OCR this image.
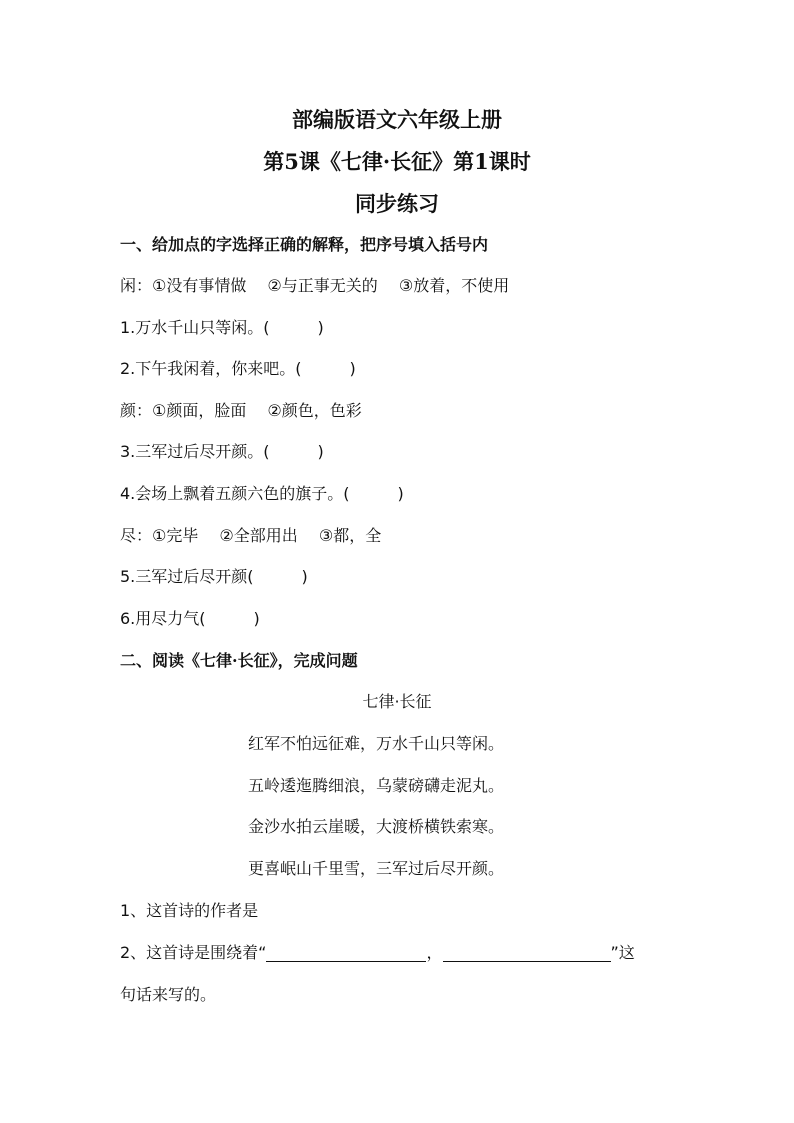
部编版语文六年级上册
第5课《七律·长征》第1课时
同步练习
一、给加点的字选择正确的解释，把序号填入括号内
闲：①没有事情做　 ②与正事无关的　 ③放着，不使用
1.万水千山只等闲。(　　　)
2.下午我闲着，你来吧。(　　　)
颜：①颜面，脸面　 ②颜色，色彩
3.三军过后尽开颜。(　　　)
4.会场上飘着五颜六色的旗子。(　　　)
尽：①完毕　 ②全部用出　 ③都，全
5.三军过后尽开颜(　　　)
6.用尽力气(　　　)
二、阅读《七律·长征》，完成问题
七律·长征
红军不怕远征难，万水千山只等闲。
五岭逶迤腾细浪，乌蒙磅礴走泥丸。
金沙水拍云崖暖，大渡桥横铁索寒。
更喜岷山千里雪，三军过后尽开颜。
1、这首诗的作者是
2、这首诗是围绕着“	，	”这
句话来写的。
